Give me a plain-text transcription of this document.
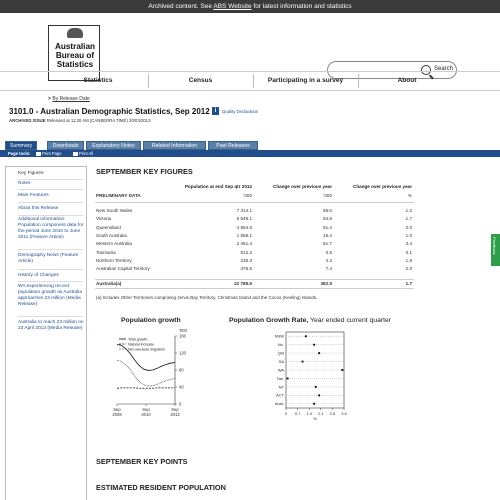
Archived content. See ABS Website for latest information and statistics
Australian
Bureau of
Statistics	Search
Statistics	Census	Participating in a survey	About
> By Release Date
3101.0 - Australian Demographic Statistics, Sep 2012 i	Quality Declaration
ARCHIVED ISSUE Released at 11:30 AM (CANBERRA TIME) 20/03/2013
Summary	Downloads	Explanatory Notes	Related Information	Past Releases
Page tools:	Print Page	Print All
Key Figures
Notes
Main Features
About this Release
Additional information: Population component data for the period June 2010 to June 2011 (Feature Article)
Demography News (Feature Article)
History of Changes
WA experiencing record population growth as Australia approaches 23 million (Media Release)
Australia to reach 23 million on 23 April 2013 (Media Release)
SEPTEMBER KEY FIGURES
Population at end Sep qtr 2012	Change over previous year	Change over previous year
PRELIMINARY DATA	'000	'000	%
New South Wales	7 314.1	86.0	1.2
Victoria	5 649.1	94.8	1.7
Queensland	4 584.6	91.4	2.0
South Australia	1 658.1	16.4	1.0
Western Australia	2 451.4	81.7	3.4
Tasmania	512.2	0.5	0.1
Northern Territory	236.3	4.2	1.8
Australian Capital Territory	376.5	7.4	2.0
Australia(a)	22 785.5	382.5	1.7
(a) Includes Other Territories comprising Jervis Bay Territory, Christmas Island and the Cocos (Keeling) Islands.
Population growth	Population Growth Rate, Year ended current quarter
0
40
80
120
160
'000
Sep
2008
Sep
2010
Sep
2012
Total growth
Natural increase
Net overseas migration
NSW
Vic.
Qld
SA
WA
Tas.
NT
ACT
Aust.
0 0.7 1.4 2.1 2.8 3.5
%
SEPTEMBER KEY POINTS
ESTIMATED RESIDENT POPULATION
Feedback
